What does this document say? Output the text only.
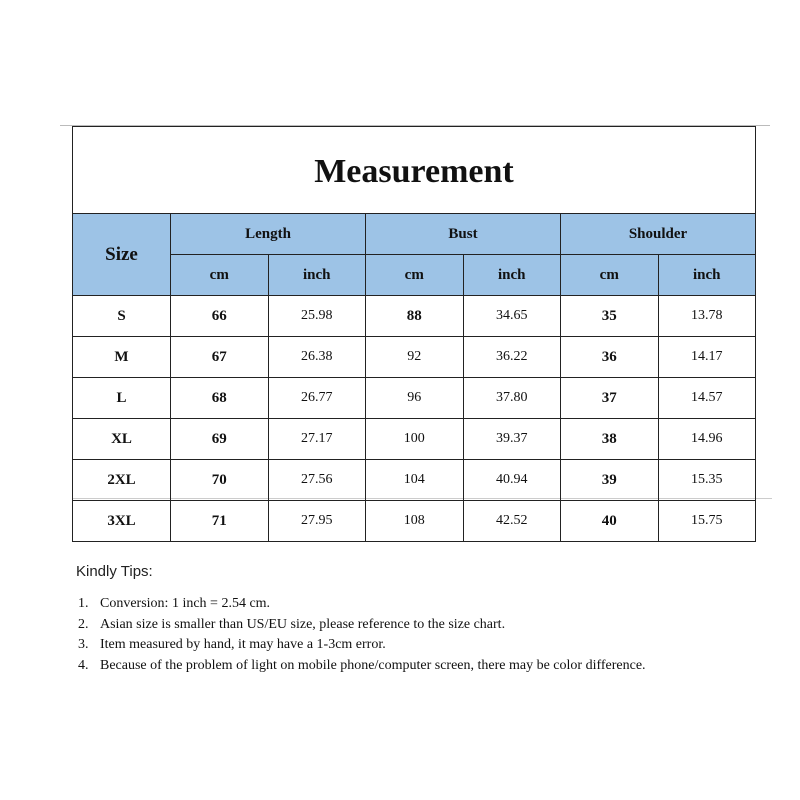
Measurement						
Size	Length		Bust		Shoulder	
	cm	inch	cm	inch	cm	inch
S	66	25.98	88	34.65	35	13.78
M	67	26.38	92	36.22	36	14.17
L	68	26.77	96	37.80	37	14.57
XL	69	27.17	100	39.37	38	14.96
2XL	70	27.56	104	40.94	39	15.35
3XL	71	27.95	108	42.52	40	15.75
Kindly Tips:
1. Conversion: 1 inch = 2.54 cm.
2. Asian size is smaller than US/EU size, please reference to the size chart.
3. Item measured by hand, it may have a 1-3cm error.
4. Because of the problem of light on mobile phone/computer screen, there may be color difference.
